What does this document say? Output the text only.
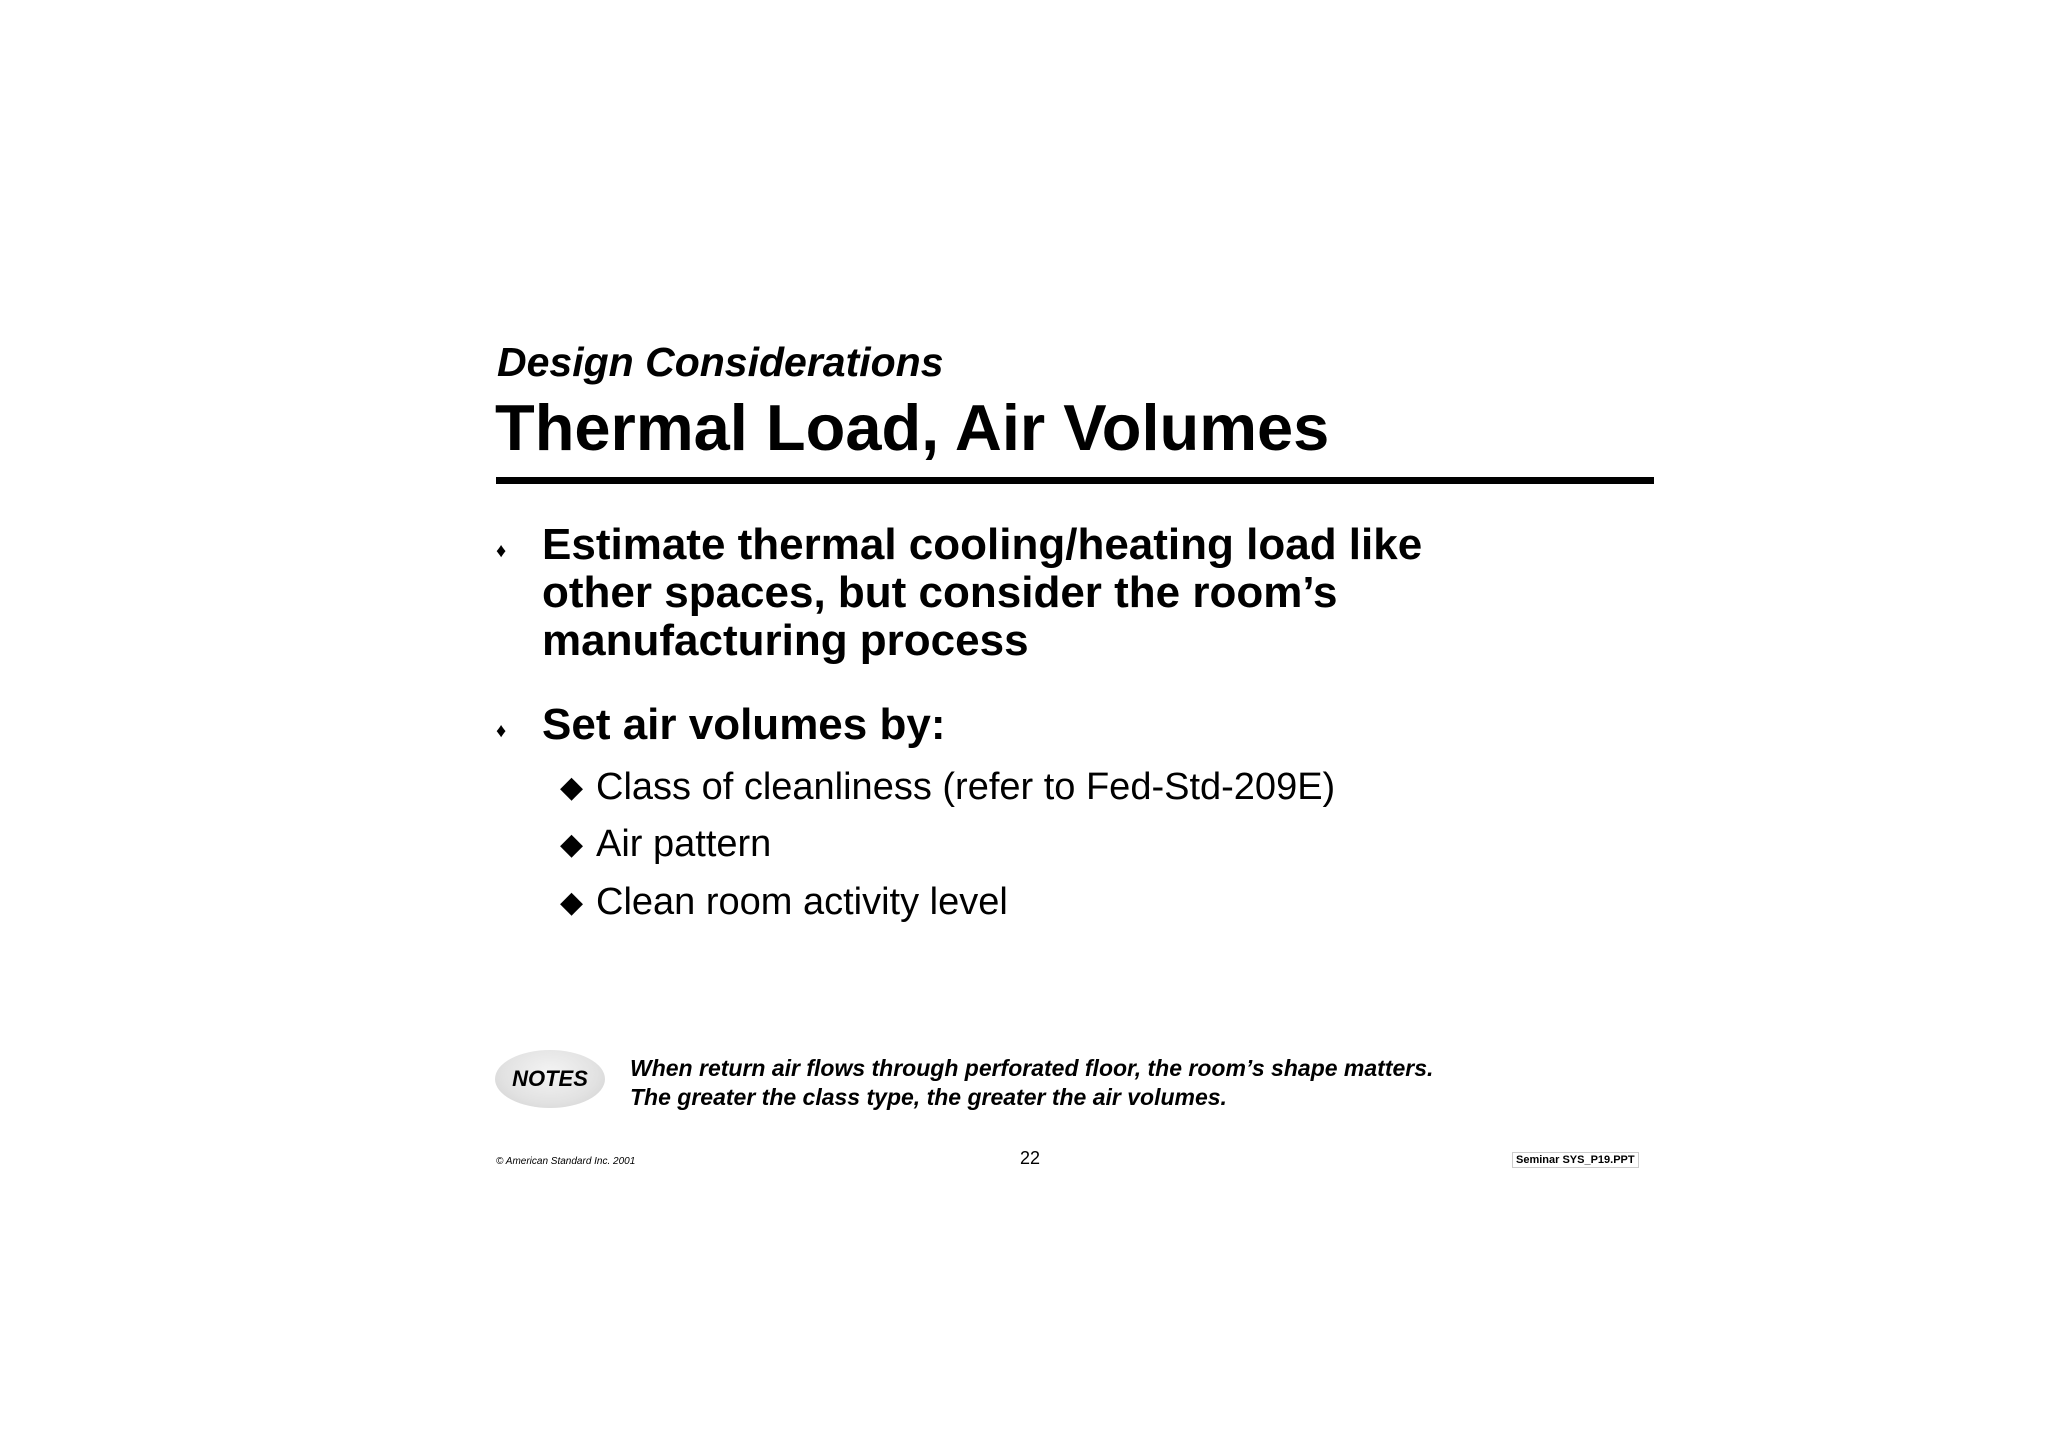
Design Considerations
Thermal Load, Air Volumes
♦ Estimate thermal cooling/heating load like
other spaces, but consider the room’s
manufacturing process
♦ Set air volumes by:
◆ Class of cleanliness (refer to Fed-Std-209E)
◆ Air pattern
◆ Clean room activity level
NOTES	When return air flows through perforated floor, the room’s shape matters.
The greater the class type, the greater the air volumes.
© American Standard Inc. 2001	22	Seminar SYS_P19.PPT
